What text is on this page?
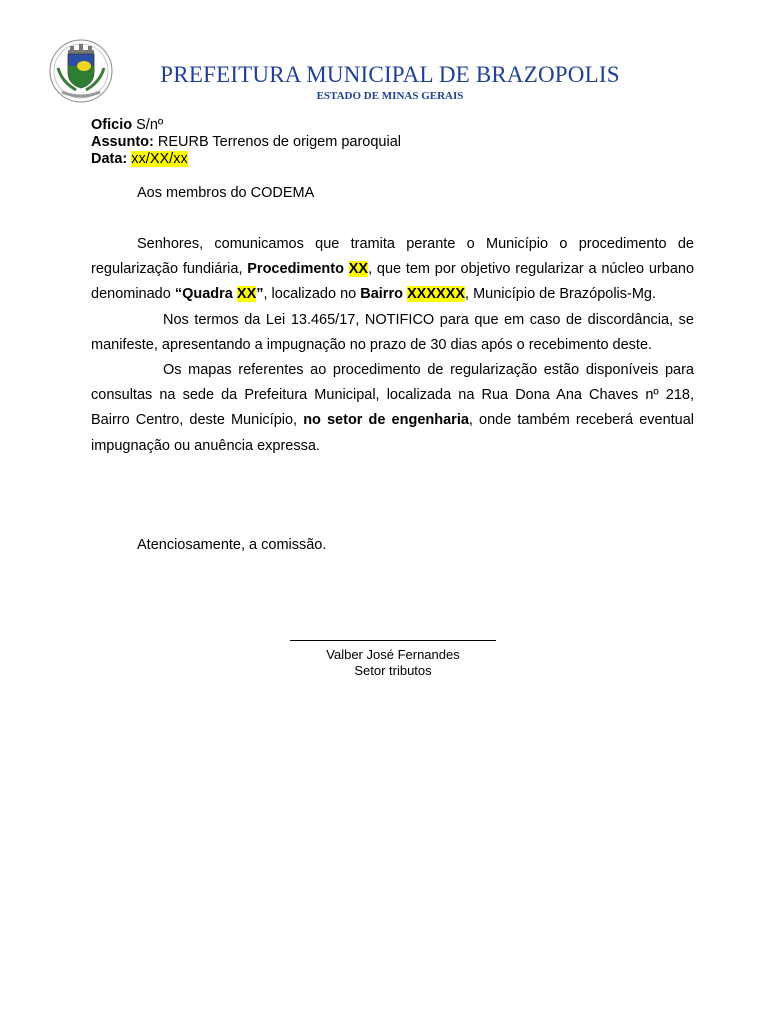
PREFEITURA MUNICIPAL DE BRAZOPOLIS
ESTADO DE MINAS GERAIS
Oficio S/nº
Assunto: REURB Terrenos de origem paroquial
Data: xx/XX/xx
Aos membros do CODEMA

Senhores, comunicamos que tramita perante o Município o procedimento de regularização fundiária, Procedimento XX, que tem por objetivo regularizar a núcleo urbano denominado “Quadra XX”, localizado no Bairro XXXXXX, Município de Brazópolis-Mg.

Nos termos da Lei 13.465/17, NOTIFICO para que em caso de discordância, se manifeste, apresentando a impugnação no prazo de 30 dias após o recebimento deste.

Os mapas referentes ao procedimento de regularização estão disponíveis para consultas na sede da Prefeitura Municipal, localizada na Rua Dona Ana Chaves nº 218, Bairro Centro, deste Município, no setor de engenharia, onde também receberá eventual impugnação ou anuência expressa.

Atenciosamente, a comissão.
Valber José Fernandes
Setor tributos
